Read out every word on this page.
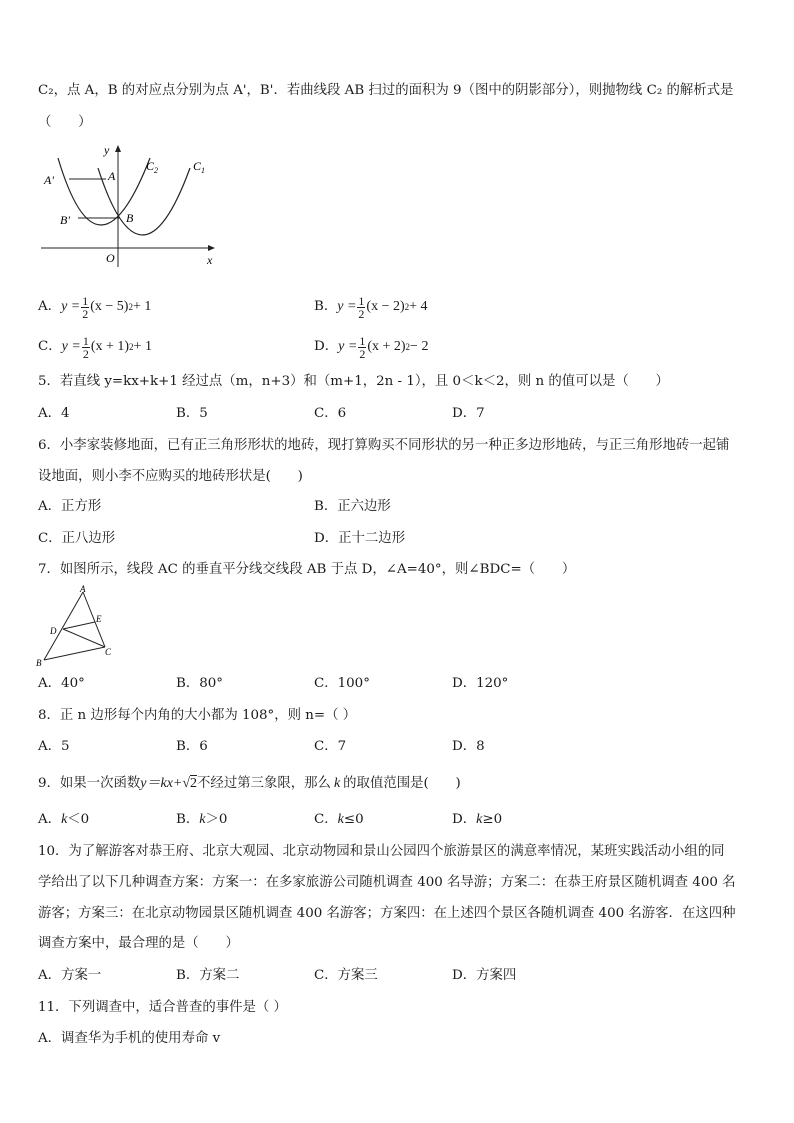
C₂，点 A，B 的对应点分别为点 A'，B'．若曲线段 AB 扫过的面积为 9（图中的阴影部分），则抛物线 C₂ 的解析式是
（　　）
y
x
O
A
A'
B
B'
$C_2$	$C_1$
A． $y = \frac{1}{2} (x - 5) 2 + 1$	B． $y = \frac{1}{2} (x - 2) 2 + 4$
C． $y = \frac{1}{2} (x + 1) 2 + 1$	D． $y = \frac{1}{2} (x + 2) 2 - 2$
5．若直线 y=kx+k+1 经过点（m，n+3）和（m+1，2n - 1），且 0＜k＜2，则 n 的值可以是（　　）
A．4	B．5	C．6	D．7
6．小李家装修地面，已有正三角形形状的地砖，现打算购买不同形状的另一种正多边形地砖，与正三角形地砖一起铺
设地面，则小李不应购买的地砖形状是(　　)
A．正方形	B．正六边形
C．正八边形	D．正十二边形
7．如图所示，线段 AC 的垂直平分线交线段 AB 于点 D，∠A=40°，则∠BDC=（　　）
A
B
C
D
E
A．40°	B．80°	C．100°	D．120°
8．正 n 边形每个内角的大小都为 108°，则 n=（ ）
A．5	B．6	C．7	D．8
9．如果一次函数 y＝kx+ √2 不经过第三象限，那么 k 的取值范围是(　　)
A．k＜0	B．k＞0	C．k≤0	D．k≥0
10．为了解游客对恭王府、北京大观园、北京动物园和景山公园四个旅游景区的满意率情况，某班实践活动小组的同
学给出了以下几种调查方案：方案一：在多家旅游公司随机调查 400 名导游；方案二：在恭王府景区随机调查 400 名
游客；方案三：在北京动物园景区随机调查 400 名游客；方案四：在上述四个景区各随机调查 400 名游客．在这四种
调查方案中，最合理的是（　　）
A．方案一	B．方案二	C．方案三	D．方案四
11．下列调查中，适合普查的事件是（ ）
A．调查华为手机的使用寿命 v
